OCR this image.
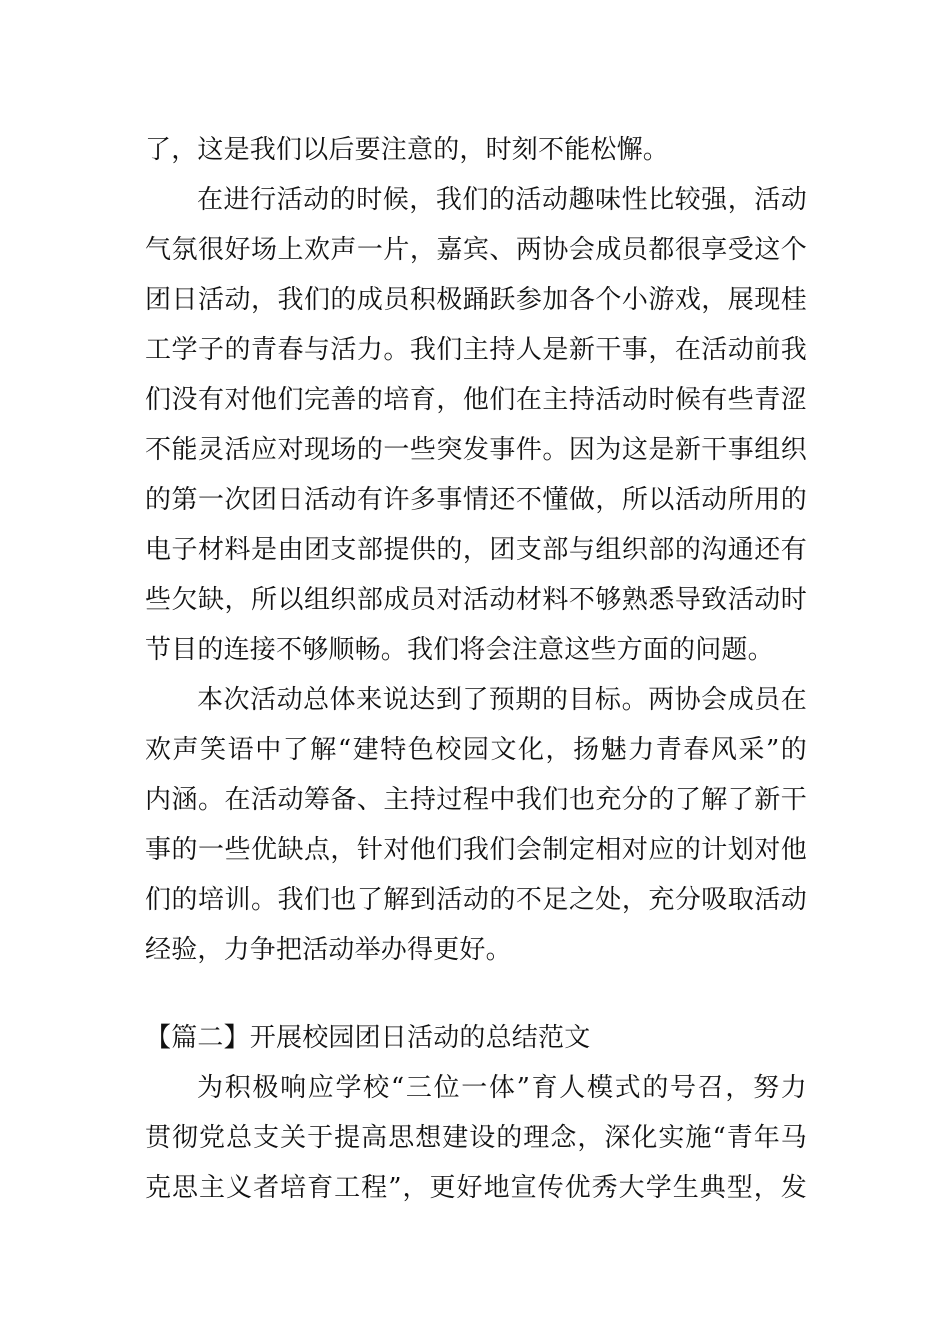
了，这是我们以后要注意的，时刻不能松懈。
在进行活动的时候，我们的活动趣味性比较强，活动
气氛很好场上欢声一片，嘉宾、两协会成员都很享受这个
团日活动，我们的成员积极踊跃参加各个小游戏，展现桂
工学子的青春与活力。我们主持人是新干事，在活动前我
们没有对他们完善的培育，他们在主持活动时候有些青涩
不能灵活应对现场的一些突发事件。因为这是新干事组织
的第一次团日活动有许多事情还不懂做，所以活动所用的
电子材料是由团支部提供的，团支部与组织部的沟通还有
些欠缺，所以组织部成员对活动材料不够熟悉导致活动时
节目的连接不够顺畅。我们将会注意这些方面的问题。
本次活动总体来说达到了预期的目标。两协会成员在
欢声笑语中了解“建特色校园文化，扬魅力青春风采”的
内涵。在活动筹备、主持过程中我们也充分的了解了新干
事的一些优缺点，针对他们我们会制定相对应的计划对他
们的培训。我们也了解到活动的不足之处，充分吸取活动
经验，力争把活动举办得更好。
【篇二】开展校园团日活动的总结范文
为积极响应学校“三位一体”育人模式的号召，努力
贯彻党总支关于提高思想建设的理念，深化实施“青年马
克思主义者培育工程”，更好地宣传优秀大学生典型，发
